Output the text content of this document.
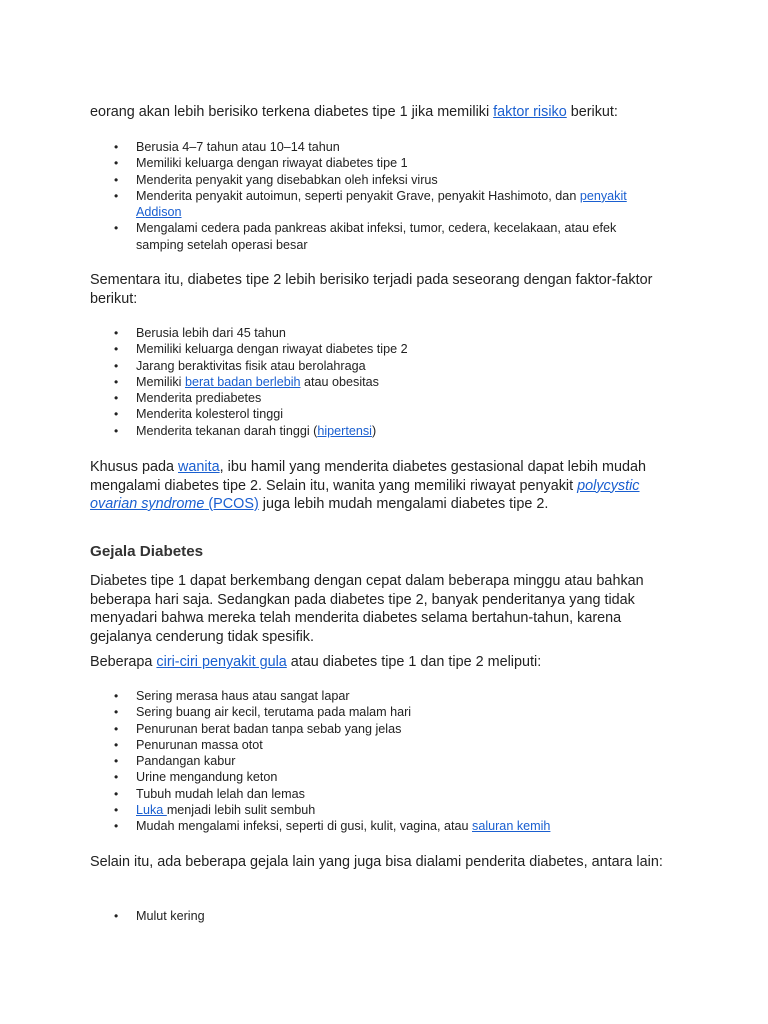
eorang akan lebih berisiko terkena diabetes tipe 1 jika memiliki faktor risiko berikut:

• Berusia 4–7 tahun atau 10–14 tahun
• Memiliki keluarga dengan riwayat diabetes tipe 1
• Menderita penyakit yang disebabkan oleh infeksi virus
• Menderita penyakit autoimun, seperti penyakit Grave, penyakit Hashimoto, dan penyakit Addison
• Mengalami cedera pada pankreas akibat infeksi, tumor, cedera, kecelakaan, atau efek samping setelah operasi besar

Sementara itu, diabetes tipe 2 lebih berisiko terjadi pada seseorang dengan faktor-faktor berikut:

• Berusia lebih dari 45 tahun
• Memiliki keluarga dengan riwayat diabetes tipe 2
• Jarang beraktivitas fisik atau berolahraga
• Memiliki berat badan berlebih atau obesitas
• Menderita prediabetes
• Menderita kolesterol tinggi
• Menderita tekanan darah tinggi (hipertensi)

Khusus pada wanita, ibu hamil yang menderita diabetes gestasional dapat lebih mudah mengalami diabetes tipe 2. Selain itu, wanita yang memiliki riwayat penyakit polycystic ovarian syndrome (PCOS) juga lebih mudah mengalami diabetes tipe 2.

Gejala Diabetes

Diabetes tipe 1 dapat berkembang dengan cepat dalam beberapa minggu atau bahkan beberapa hari saja. Sedangkan pada diabetes tipe 2, banyak penderitanya yang tidak menyadari bahwa mereka telah menderita diabetes selama bertahun-tahun, karena gejalanya cenderung tidak spesifik.

Beberapa ciri-ciri penyakit gula atau diabetes tipe 1 dan tipe 2 meliputi:

• Sering merasa haus atau sangat lapar
• Sering buang air kecil, terutama pada malam hari
• Penurunan berat badan tanpa sebab yang jelas
• Penurunan massa otot
• Pandangan kabur
• Urine mengandung keton
• Tubuh mudah lelah dan lemas
• Luka menjadi lebih sulit sembuh
• Mudah mengalami infeksi, seperti di gusi, kulit, vagina, atau saluran kemih

Selain itu, ada beberapa gejala lain yang juga bisa dialami penderita diabetes, antara lain:

• Mulut kering
